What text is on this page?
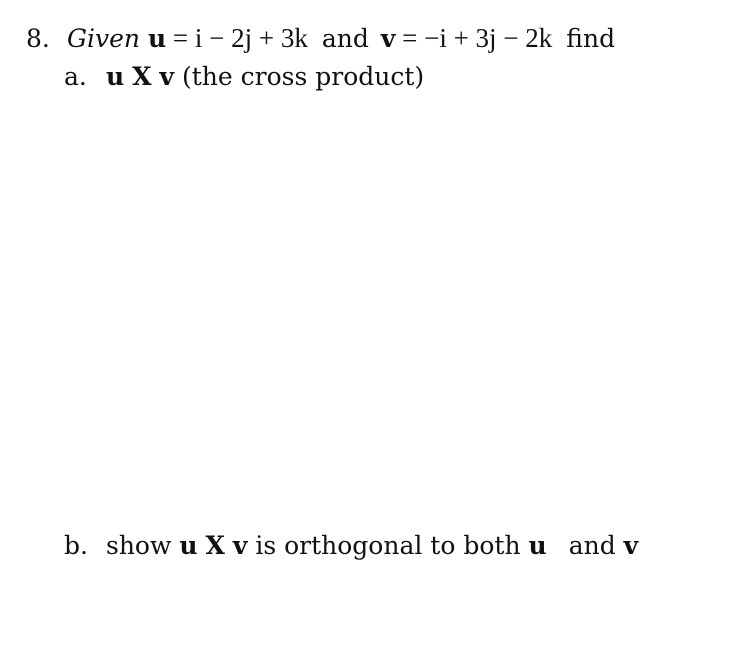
8. Given u = i − 2j + 3k and v = −i + 3j − 2k find
a. u X v (the cross product)
b. show u X v is orthogonal to both u and v
